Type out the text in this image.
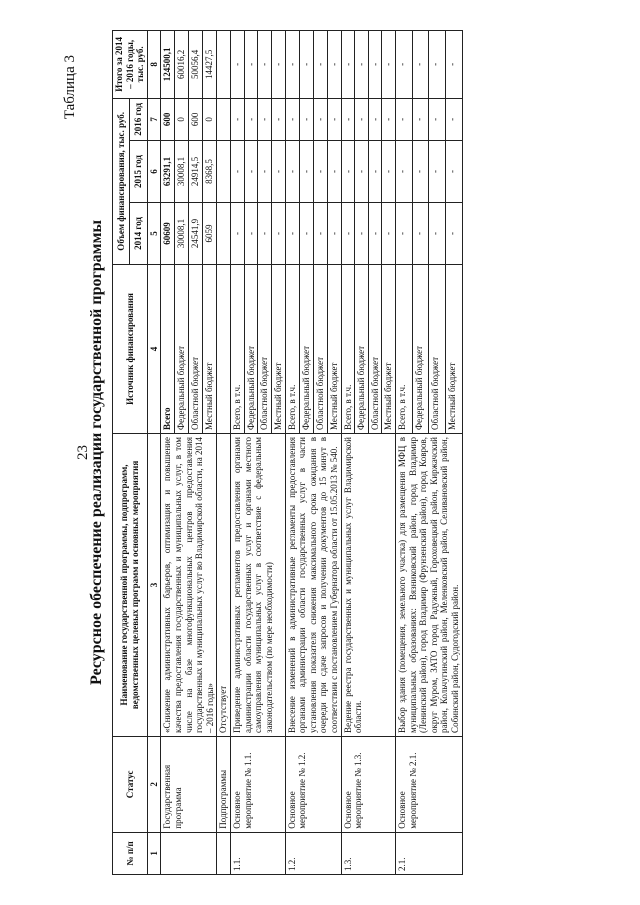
Таблица 3
23
Ресурсное обеспечение реализации государственной программы
№ п/п	Статус	Наименование государственной программы, подпрограмм, ведомственных целевых программ и основных мероприятия	Источник финансирования	Объем финансирования, тыс. руб.			Итого за 2014 – 2016 годы, тыс. руб.
				2014 год	2015 год	2016 год	
1	2	3	4	5	6	7	8
	Государственная программа	«Снижение административных барьеров, оптимизация и повышение качества предоставления государственных и муниципальных услуг, в том числе на базе многофункциональных центров предоставления государственных и муниципальных услуг во Владимирской области, на 2014 – 2016 годы»	Всего	60609	63291,1	600	124500,1
			Федеральный бюджет	30008,1	30008,1	0	60016,2
			Областной бюджет	24541,9	24914,5	600	50056,4
			Местный бюджет	6059	8368,5	0	14427,5
	Подпрограммы	Отсутствует					
1.1.	Основное мероприятие № 1.1.	Приведение административных регламентов предоставления органами администрации области государственных услуг и органами местного самоуправления муниципальных услуг в соответствие с федеральным законодательством (по мере необходимости)	Всего, в т.ч.	-	-	-	-
			Федеральный бюджет	-	-	-	-
			Областной бюджет	-	-	-	-
			Местный бюджет	-	-	-	-
1.2.	Основное мероприятие № 1.2.	Внесение изменений в административные регламенты предоставления органами администрации области государственных услуг в части установления показателя снижения максимального срока ожидания в очереди при сдаче запросов и получении документов до 15 минут в соответствии с постановлением Губернатора области от 15.05.2013 № 540.	Всего, в т.ч.	-	-	-	-
			Федеральный бюджет	-	-	-	-
			Областной бюджет	-	-	-	-
			Местный бюджет	-	-	-	-
1.3.	Основное мероприятие № 1.3.	Ведение реестра государственных и муниципальных услуг Владимирской области.	Всего, в т.ч.	-	-	-	-
			Федеральный бюджет	-	-	-	-
			Областной бюджет	-	-	-	-
			Местный бюджет	-	-	-	-
2.1.	Основное мероприятие № 2.1.	Выбор здания (помещения, земельного участка) для размещения МФЦ в муниципальных образованиях: Вязниковский район, город Владимир (Ленинский район), город Владимир (Фрунзенский район), город Ковров, округ Муром, ЗАТО город Радужный, Гороховецкий район, Киржачский район, Кольчугинский район, Меленковский район, Селивановский район, Собинский район, Судогодский район.	Всего, в т.ч.	-	-	-	-
			Федеральный бюджет	-	-	-	-
			Областной бюджет	-	-	-	-
			Местный бюджет	-	-	-	-
